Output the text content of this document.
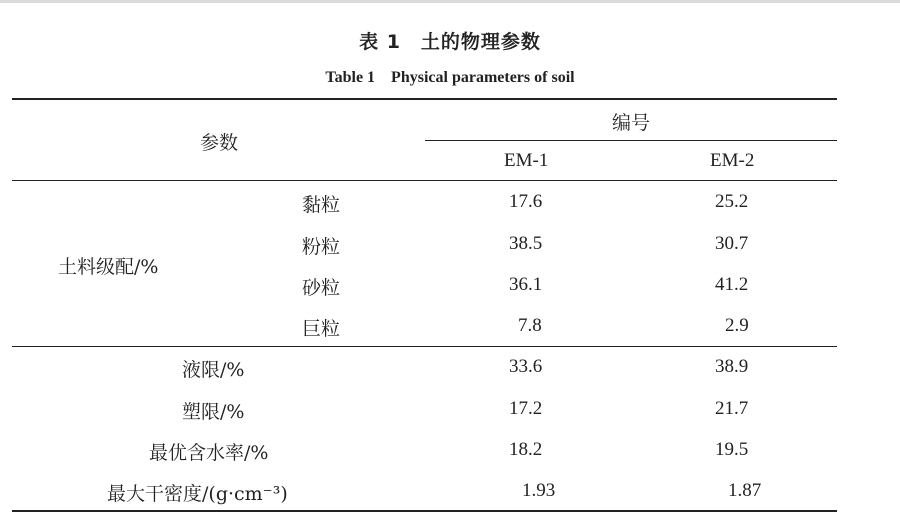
表 1　土的物理参数
Table 1　Physical parameters of soil
参数
编号
EM-1	EM-2
土料级配/%
黏粒	17.6	25.2
粉粒	38.5	30.7
砂粒	36.1	41.2
巨粒	7.8	2.9
液限/%	33.6	38.9
塑限/%	17.2	21.7
最优含水率/%	18.2	19.5
最大干密度/(g·cm⁻³)	1.93	1.87
